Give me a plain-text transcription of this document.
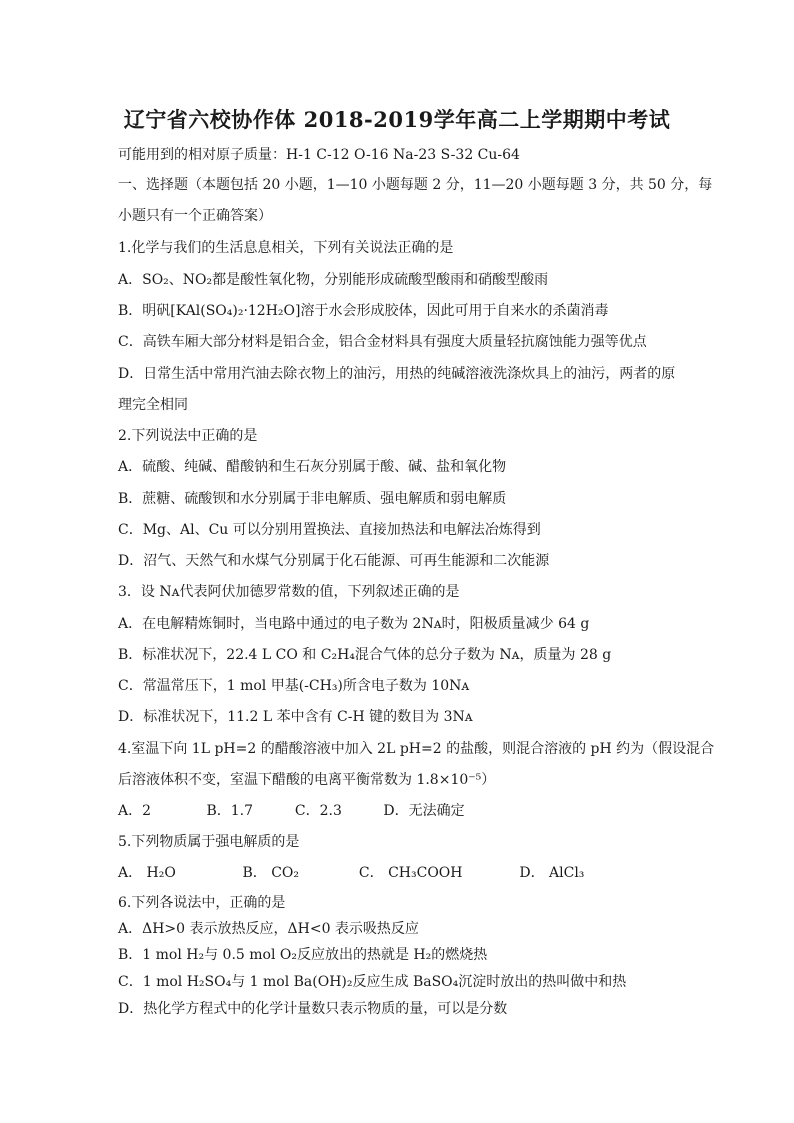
辽宁省六校协作体 2018-2019学年高二上学期期中考试
可能用到的相对原子质量：H-1 C-12 O-16 Na-23 S-32 Cu-64
一、选择题（本题包括 20 小题，1—10 小题每题 2 分，11—20 小题每题 3 分，共 50 分，每
小题只有一个正确答案）
1.化学与我们的生活息息相关，下列有关说法正确的是
A．SO₂、NO₂都是酸性氧化物，分别能形成硫酸型酸雨和硝酸型酸雨
B．明矾[KAl(SO₄)₂·12H₂O]溶于水会形成胶体，因此可用于自来水的杀菌消毒
C．高铁车厢大部分材料是铝合金，铝合金材料具有强度大质量轻抗腐蚀能力强等优点
D．日常生活中常用汽油去除衣物上的油污，用热的纯碱溶液洗涤炊具上的油污，两者的原
理完全相同
2.下列说法中正确的是
A．硫酸、纯碱、醋酸钠和生石灰分别属于酸、碱、盐和氧化物
B．蔗糖、硫酸钡和水分别属于非电解质、强电解质和弱电解质
C．Mg、Al、Cu 可以分别用置换法、直接加热法和电解法冶炼得到
D．沼气、天然气和水煤气分别属于化石能源、可再生能源和二次能源
3．设 Nᴀ代表阿伏加德罗常数的值，下列叙述正确的是
A．在电解精炼铜时，当电路中通过的电子数为 2Nᴀ时，阳极质量减少 64 g
B．标准状况下，22.4 L CO 和 C₂H₄混合气体的总分子数为 Nᴀ，质量为 28 g
C．常温常压下，1 mol 甲基(-CH₃)所含电子数为 10Nᴀ
D．标准状况下，11.2 L 苯中含有 C-H 键的数目为 3Nᴀ
4.室温下向 1L pH=2 的醋酸溶液中加入 2L pH=2 的盐酸，则混合溶液的 pH 约为（假设混合
后溶液体积不变，室温下醋酸的电离平衡常数为 1.8×10⁻⁵）
A．2	B．1.7	C．2.3	D．无法确定
5.下列物质属于强电解质的是
A． H₂O	B． CO₂	C． CH₃COOH	D． AlCl₃
6.下列各说法中，正确的是
A．ΔH>0 表示放热反应，ΔH<0 表示吸热反应
B．1 mol H₂与 0.5 mol O₂反应放出的热就是 H₂的燃烧热
C．1 mol H₂SO₄与 1 mol Ba(OH)₂反应生成 BaSO₄沉淀时放出的热叫做中和热
D．热化学方程式中的化学计量数只表示物质的量，可以是分数
